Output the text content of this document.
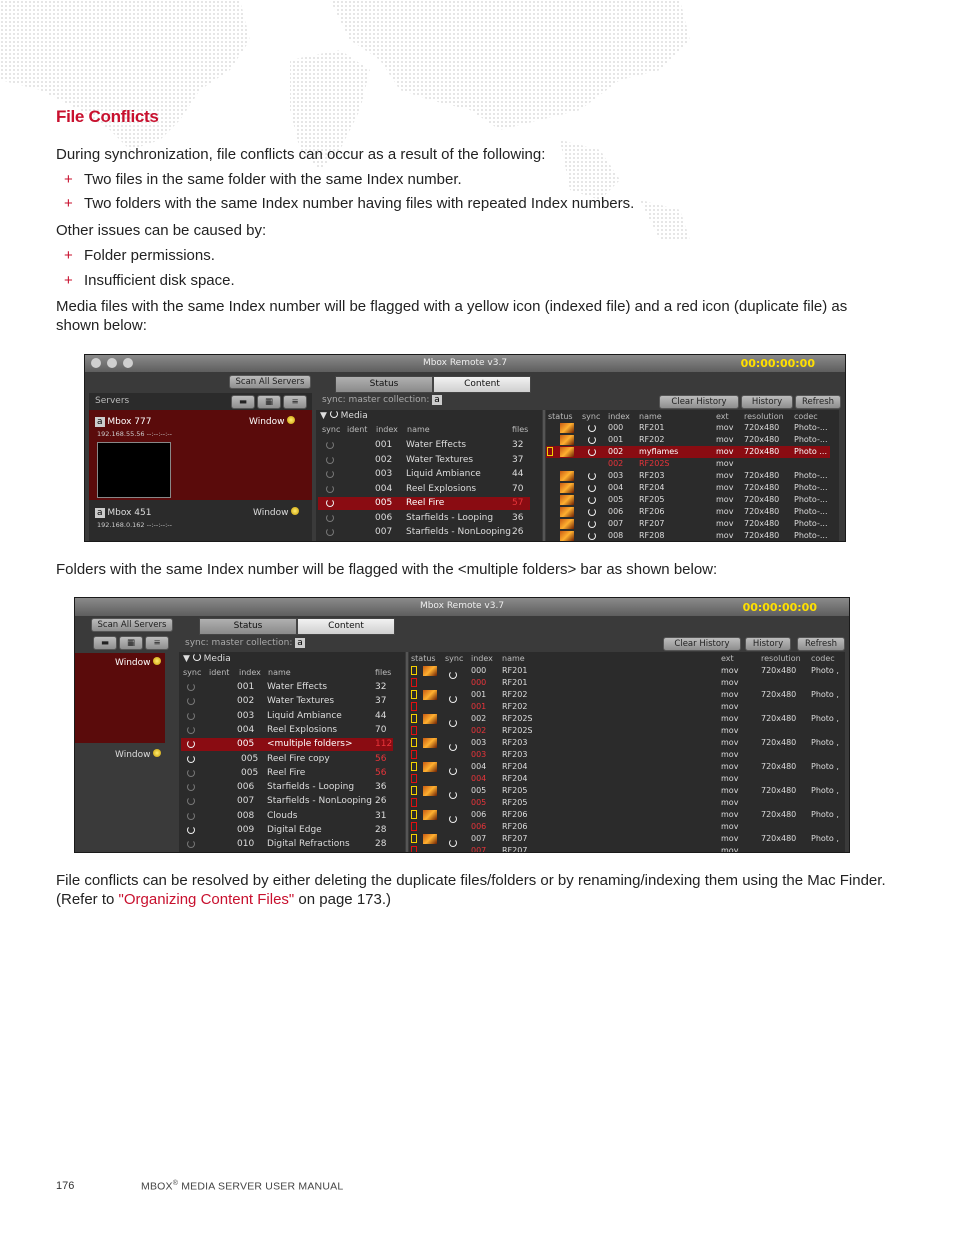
File Conflicts
During synchronization, file conflicts can occur as a result of the following:
+ Two files in the same folder with the same Index number.
+ Two folders with the same Index number having files with repeated Index numbers.
Other issues can be caused by:
+ Folder permissions.
+ Insufficient disk space.
Media files with the same Index number will be flagged with a yellow icon (indexed file) and a red icon (duplicate file) as shown below:
Mbox Remote v3.7	00:00:00:00
Scan All Servers	Status	Content
Servers	▬	▦	≡
a Mbox 777	Window
192.168.55.56 --:--:--:--
a Mbox 451	Window
192.168.0.162 --:--:--:--
sync: master collection: a	Clear History	History	Refresh
▼  Media
sync ident index name	files
status sync index name	ext resolution codec
001 Water Effects	32
002 Water Textures	37
003 Liquid Ambiance	44
004 Reel Explosions	70
005 Reel Fire	57
006 Starfields - Looping 36
007 Starfields - NonLooping 26
000 RF201	mov 720x480 Photo-...
001 RF202	mov 720x480 Photo-...
002 myflames	mov 720x480 Photo ...
002 RF202S	mov
003 RF203	mov 720x480 Photo-...
004 RF204	mov 720x480 Photo-...
005 RF205	mov 720x480 Photo-...
006 RF206	mov 720x480 Photo-...
007 RF207	mov 720x480 Photo-...
008 RF208	mov 720x480 Photo-...
Folders with the same Index number will be flagged with the <multiple folders> bar as shown below:
Mbox Remote v3.7	00:00:00:00
Scan All Servers
▬	▦	≡
Status	Content
Window
Window
sync: master collection: a	Clear History	History	Refresh
▼  Media
sync ident index name	files
status sync index name	ext	resolution codec
001 Water Effects	32
002 Water Textures	37
003 Liquid Ambiance	44
004 Reel Explosions	70
005 <multiple folders> 112
005 Reel Fire copy	56
005 Reel Fire	56
006 Starfields - Looping 36
007 Starfields - NonLooping 26
008 Clouds	31
009 Digital Edge	28
010 Digital Refractions	28
000 RF201	mov	720x480 Photo ,
000 RF201	mov
001 RF202	mov	720x480 Photo ,
001 RF202	mov
002 RF202S	mov	720x480 Photo ,
002 RF202S	mov
003 RF203	mov	720x480 Photo ,
003 RF203	mov
004 RF204	mov	720x480 Photo ,
004 RF204	mov
005 RF205	mov	720x480 Photo ,
005 RF205	mov
006 RF206	mov	720x480 Photo ,
006 RF206	mov
007 RF207	mov	720x480 Photo ,
007 RF207	mov
File conflicts can be resolved by either deleting the duplicate files/folders or by renaming/indexing them using the Mac Finder. (Refer to "Organizing Content Files" on page 173.)
176	MBOX® MEDIA SERVER USER MANUAL
